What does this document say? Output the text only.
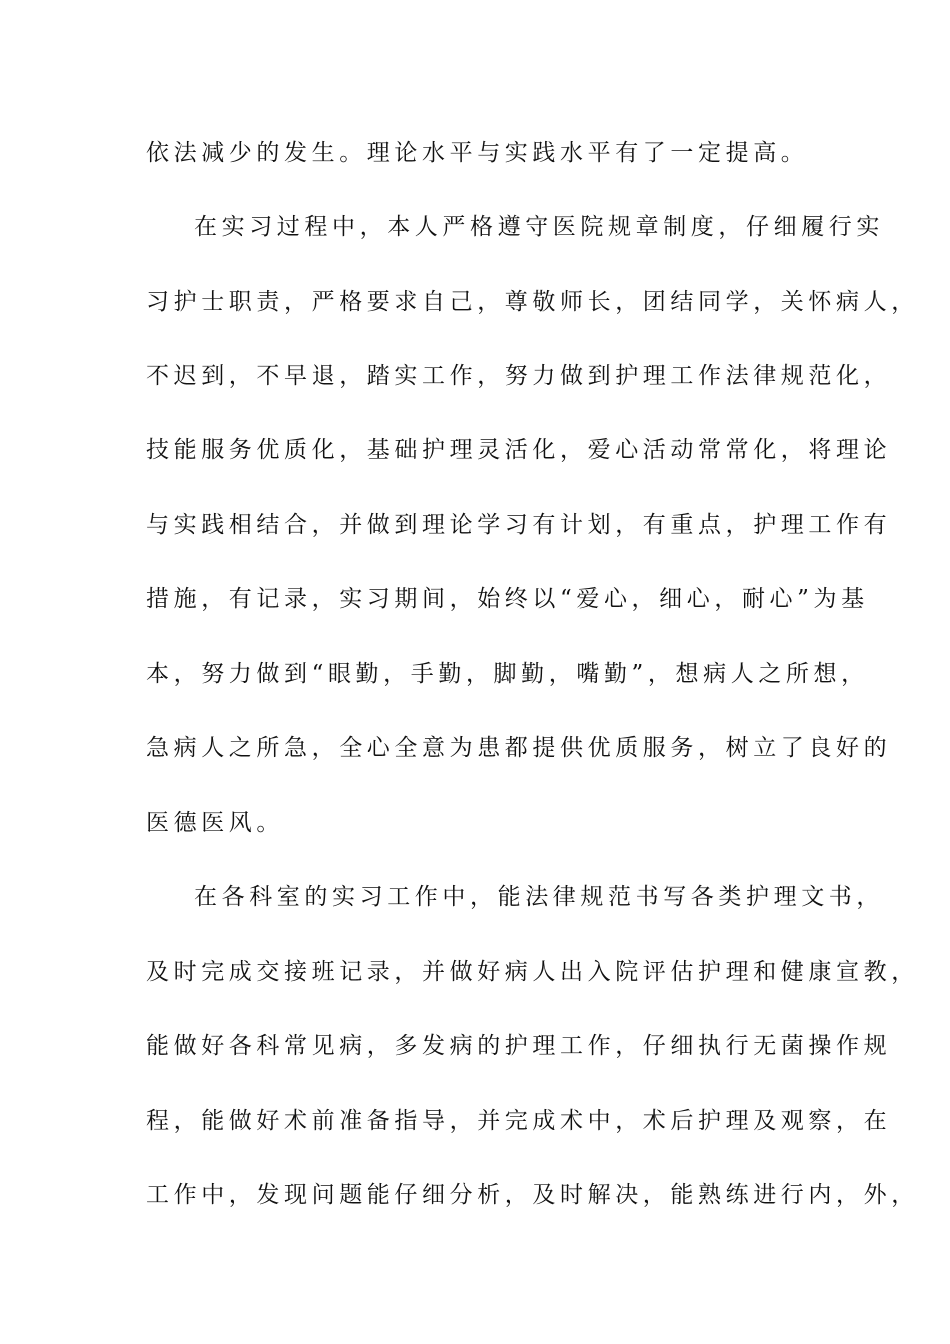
依法减少的发生。理论水平与实践水平有了一定提高。
在实习过程中，本人严格遵守医院规章制度，仔细履行实
习护士职责，严格要求自己，尊敬师长，团结同学，关怀病人，
不迟到，不早退，踏实工作，努力做到护理工作法律规范化，
技能服务优质化，基础护理灵活化，爱心活动常常化，将理论
与实践相结合，并做到理论学习有计划，有重点，护理工作有
措施，有记录，实习期间，始终以“爱心，细心，耐心”为基
本，努力做到“眼勤，手勤，脚勤，嘴勤”，想病人之所想，
急病人之所急，全心全意为患都提供优质服务，树立了良好的
医德医风。
在各科室的实习工作中，能法律规范书写各类护理文书，
及时完成交接班记录，并做好病人出入院评估护理和健康宣教，
能做好各科常见病，多发病的护理工作，仔细执行无菌操作规
程，能做好术前准备指导，并完成术中，术后护理及观察，在
工作中，发现问题能仔细分析，及时解决，能熟练进行内，外，
